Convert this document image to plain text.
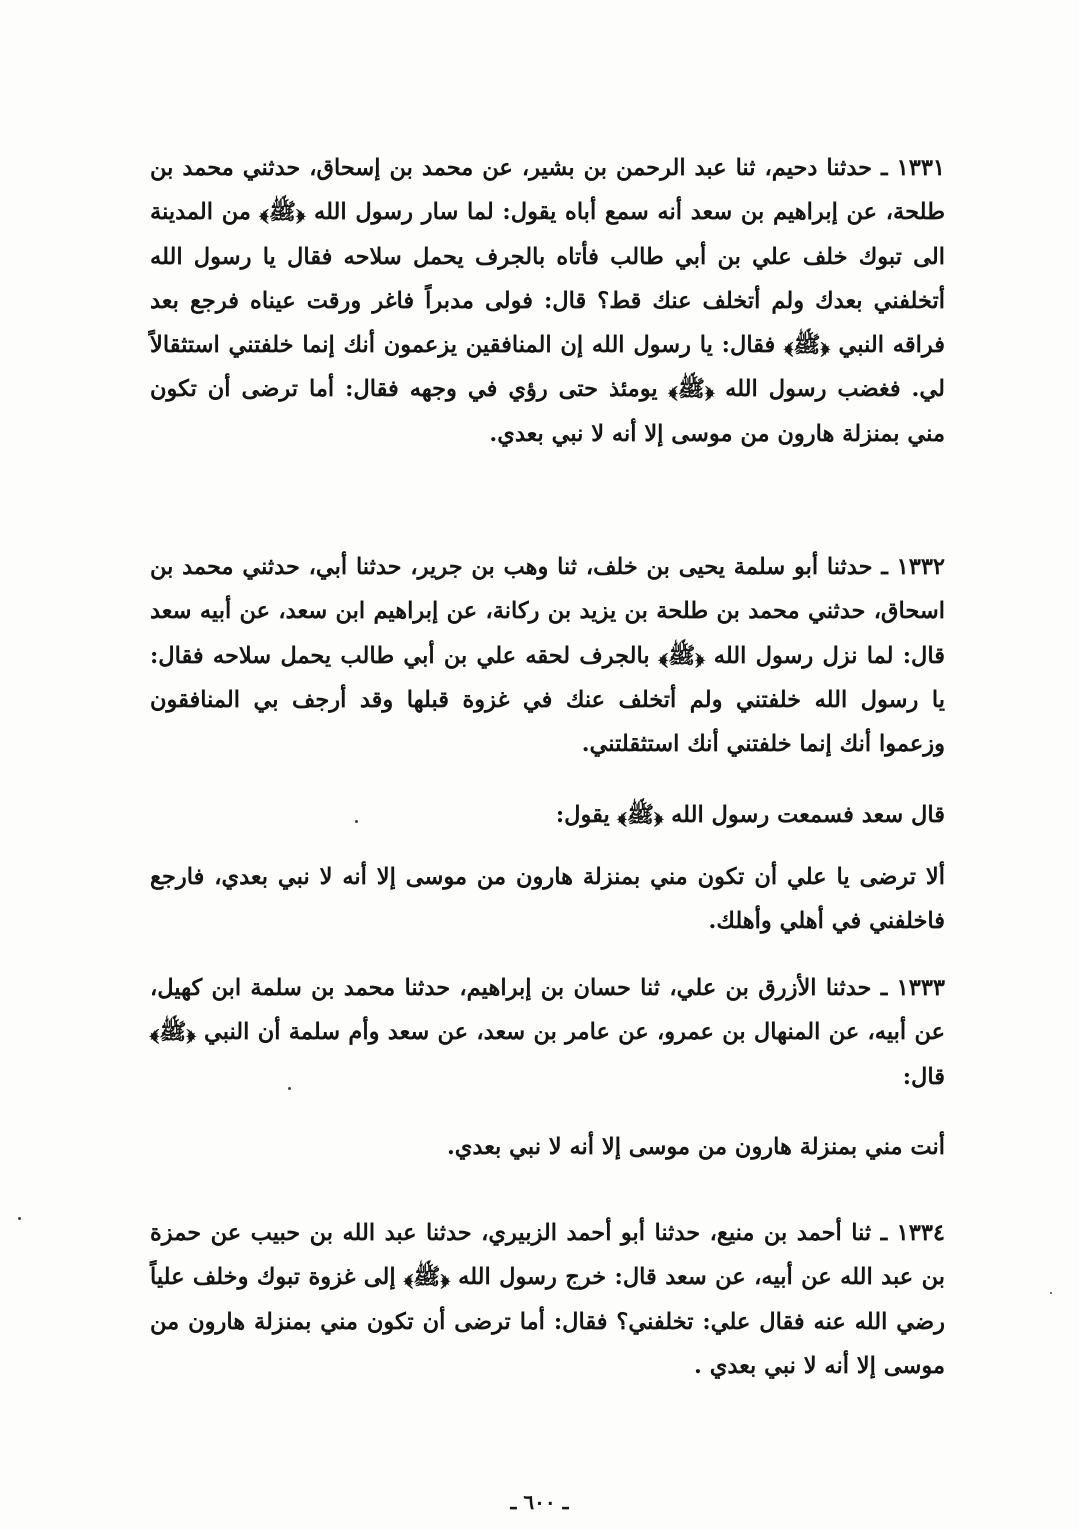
١٣٣١ ـ حدثنا دحيم، ثنا عبد الرحمن بن بشير، عن محمد بن إسحاق، حدثني محمد بن طلحة، عن إبراهيم بن سعد أنه سمع أباه يقول: لما سار رسول الله ﴿ﷺ﴾ من المدينة الى تبوك خلف علي بن أبي طالب فأتاه بالجرف يحمل سلاحه فقال يا رسول الله أتخلفني بعدك ولم أتخلف عنك قط؟ قال: فولى مدبراً فاغر ورقت عيناه فرجع بعد فراقه النبي ﴿ﷺ﴾ فقال: يا رسول الله إن المنافقين يزعمون أنك إنما خلفتني استثقالاً لي. فغضب رسول الله ﴿ﷺ﴾ يومئذ حتى رؤي في وجهه فقال: أما ترضى أن تكون مني بمنزلة هارون من موسى إلا أنه لا نبي بعدي.

١٣٣٢ ـ حدثنا أبو سلمة يحيى بن خلف، ثنا وهب بن جرير، حدثنا أبي، حدثني محمد بن اسحاق، حدثني محمد بن طلحة بن يزيد بن ركانة، عن إبراهيم ابن سعد، عن أبيه سعد قال: لما نزل رسول الله ﴿ﷺ﴾ بالجرف لحقه علي بن أبي طالب يحمل سلاحه فقال: يا رسول الله خلفتني ولم أتخلف عنك في غزوة قبلها وقد أرجف بي المنافقون وزعموا أنك إنما خلفتني أنك استثقلتني.

قال سعد فسمعت رسول الله ﴿ﷺ﴾ يقول:

ألا ترضى يا علي أن تكون مني بمنزلة هارون من موسى إلا أنه لا نبي بعدي، فارجع فاخلفني في أهلي وأهلك.

١٣٣٣ ـ حدثنا الأزرق بن علي، ثنا حسان بن إبراهيم، حدثنا محمد بن سلمة ابن كهيل، عن أبيه، عن المنهال بن عمرو، عن عامر بن سعد، عن سعد وأم سلمة أن النبي ﴿ﷺ﴾ قال:

أنت مني بمنزلة هارون من موسى إلا أنه لا نبي بعدي.

١٣٣٤ ـ ثنا أحمد بن منيع، حدثنا أبو أحمد الزبيري، حدثنا عبد الله بن حبيب عن حمزة بن عبد الله عن أبيه، عن سعد قال: خرج رسول الله ﴿ﷺ﴾ إلى غزوة تبوك وخلف علياً رضي الله عنه فقال علي: تخلفني؟ فقال: أما ترضى أن تكون مني بمنزلة هارون من موسى إلا أنه لا نبي بعدي .

ـ ٦٠٠ ـ
